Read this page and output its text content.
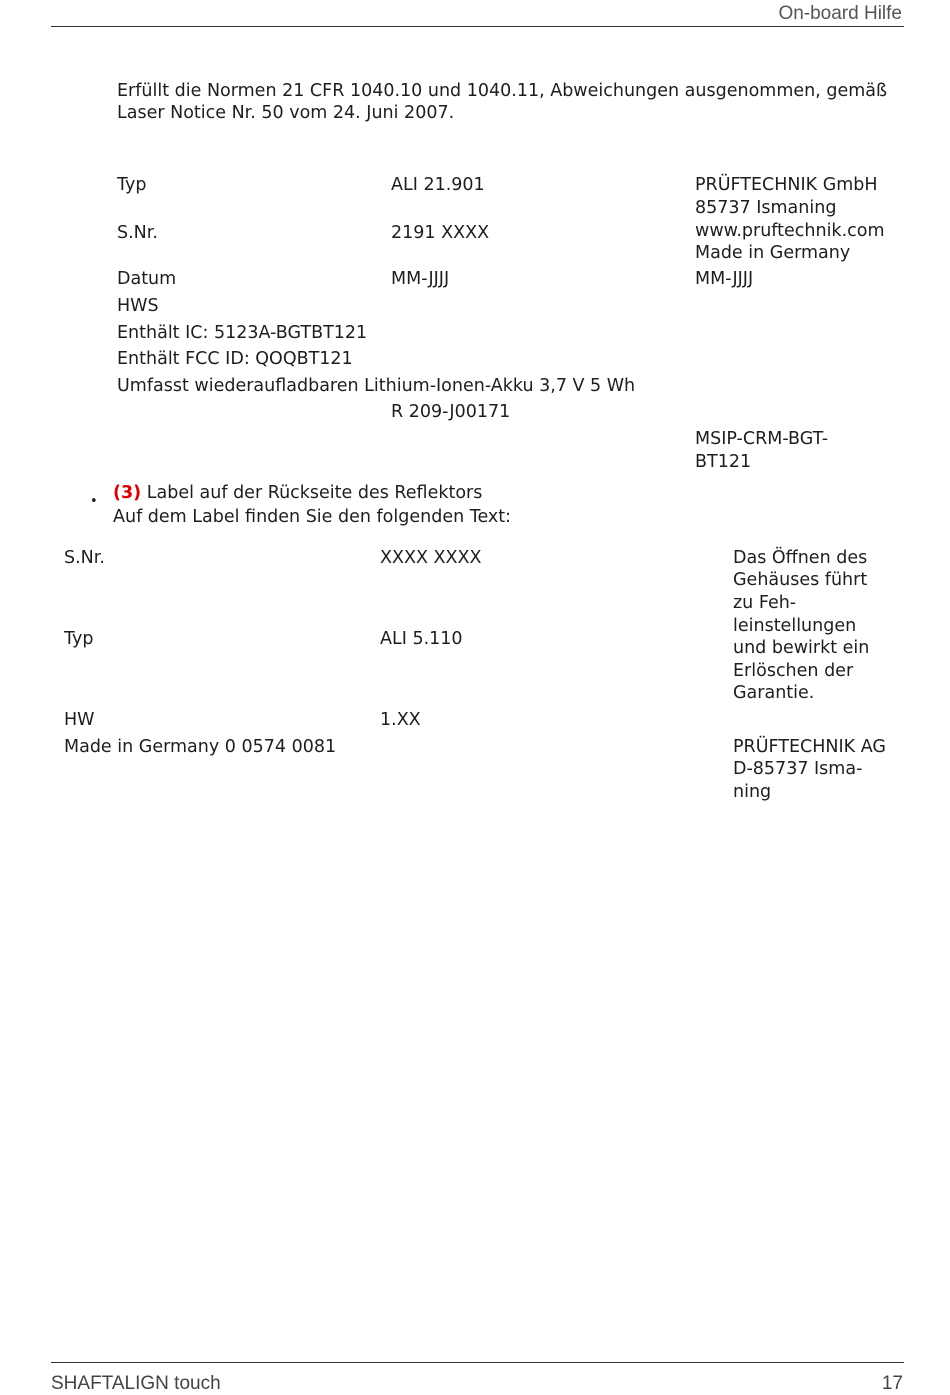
On-board Hilfe
Erfüllt die Normen 21 CFR 1040.10 und 1040.11, Abweichungen ausgenommen, gemäß
Laser Notice Nr. 50 vom 24. Juni 2007.
Typ	ALI 21.901	PRÜFTECHNIK GmbH
85737 Ismaning
www.pruftechnik.com
Made in Germany
S.Nr.	2191 XXXX
Datum	MM-JJJJ	MM-JJJJ
HWS
Enthält IC: 5123A-BGTBT121
Enthält FCC ID: QOQBT121
Umfasst wiederaufladbaren Lithium-Ionen-Akku 3,7 V 5 Wh
R 209-J00171
MSIP-CRM-BGT-
BT121
• (3) Label auf der Rückseite des Reflektors
Auf dem Label finden Sie den folgenden Text:
S.Nr.	XXXX XXXX	Das Öffnen des
Gehäuses führt
zu Feh-
leinstellungen
und bewirkt ein
Erlöschen der
Garantie.
Typ	ALI 5.110
HW	1.XX
Made in Germany 0 0574 0081	PRÜFTECHNIK AG
D-85737 Isma-
ning
SHAFTALIGN touch	17
